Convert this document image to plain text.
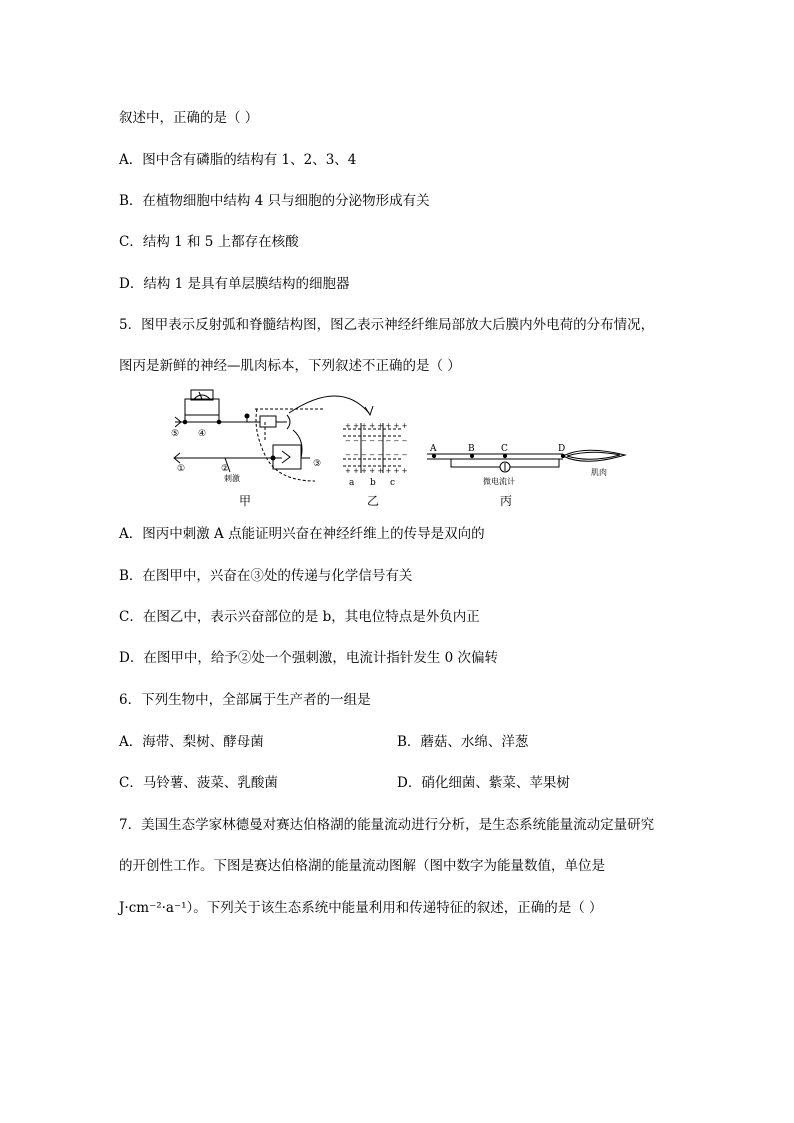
叙述中，正确的是（ ）
A．图中含有磷脂的结构有 1、2、3、4
B．在植物细胞中结构 4 只与细胞的分泌物形成有关
C．结构 1 和 5 上都存在核酸
D．结构 1 是具有单层膜结构的细胞器
5．图甲表示反射弧和脊髓结构图，图乙表示神经纤维局部放大后膜内外电荷的分布情况，
图丙是新鲜的神经—肌肉标本，下列叙述不正确的是（ ）
⑤ ④
①	②	③
刺激
甲
+ + + + + + + +
− − − − − − − −
− − − − − − − −
+ + + + + + + +
a b c
乙
A	B	C	D
微电流计
肌肉
丙
A．图丙中刺激 A 点能证明兴奋在神经纤维上的传导是双向的
B．在图甲中，兴奋在③处的传递与化学信号有关
C．在图乙中，表示兴奋部位的是 b，其电位特点是外负内正
D．在图甲中，给予②处一个强刺激，电流计指针发生 0 次偏转
6．下列生物中，全部属于生产者的一组是
A．海带、梨树、酵母菌	B．蘑菇、水绵、洋葱
C．马铃薯、菠菜、乳酸菌	D．硝化细菌、紫菜、苹果树
7．美国生态学家林德曼对赛达伯格湖的能量流动进行分析，是生态系统能量流动定量研究
的开创性工作。下图是赛达伯格湖的能量流动图解（图中数字为能量数值，单位是
J·cm⁻²·a⁻¹）。下列关于该生态系统中能量利用和传递特征的叙述，正确的是（ ）
